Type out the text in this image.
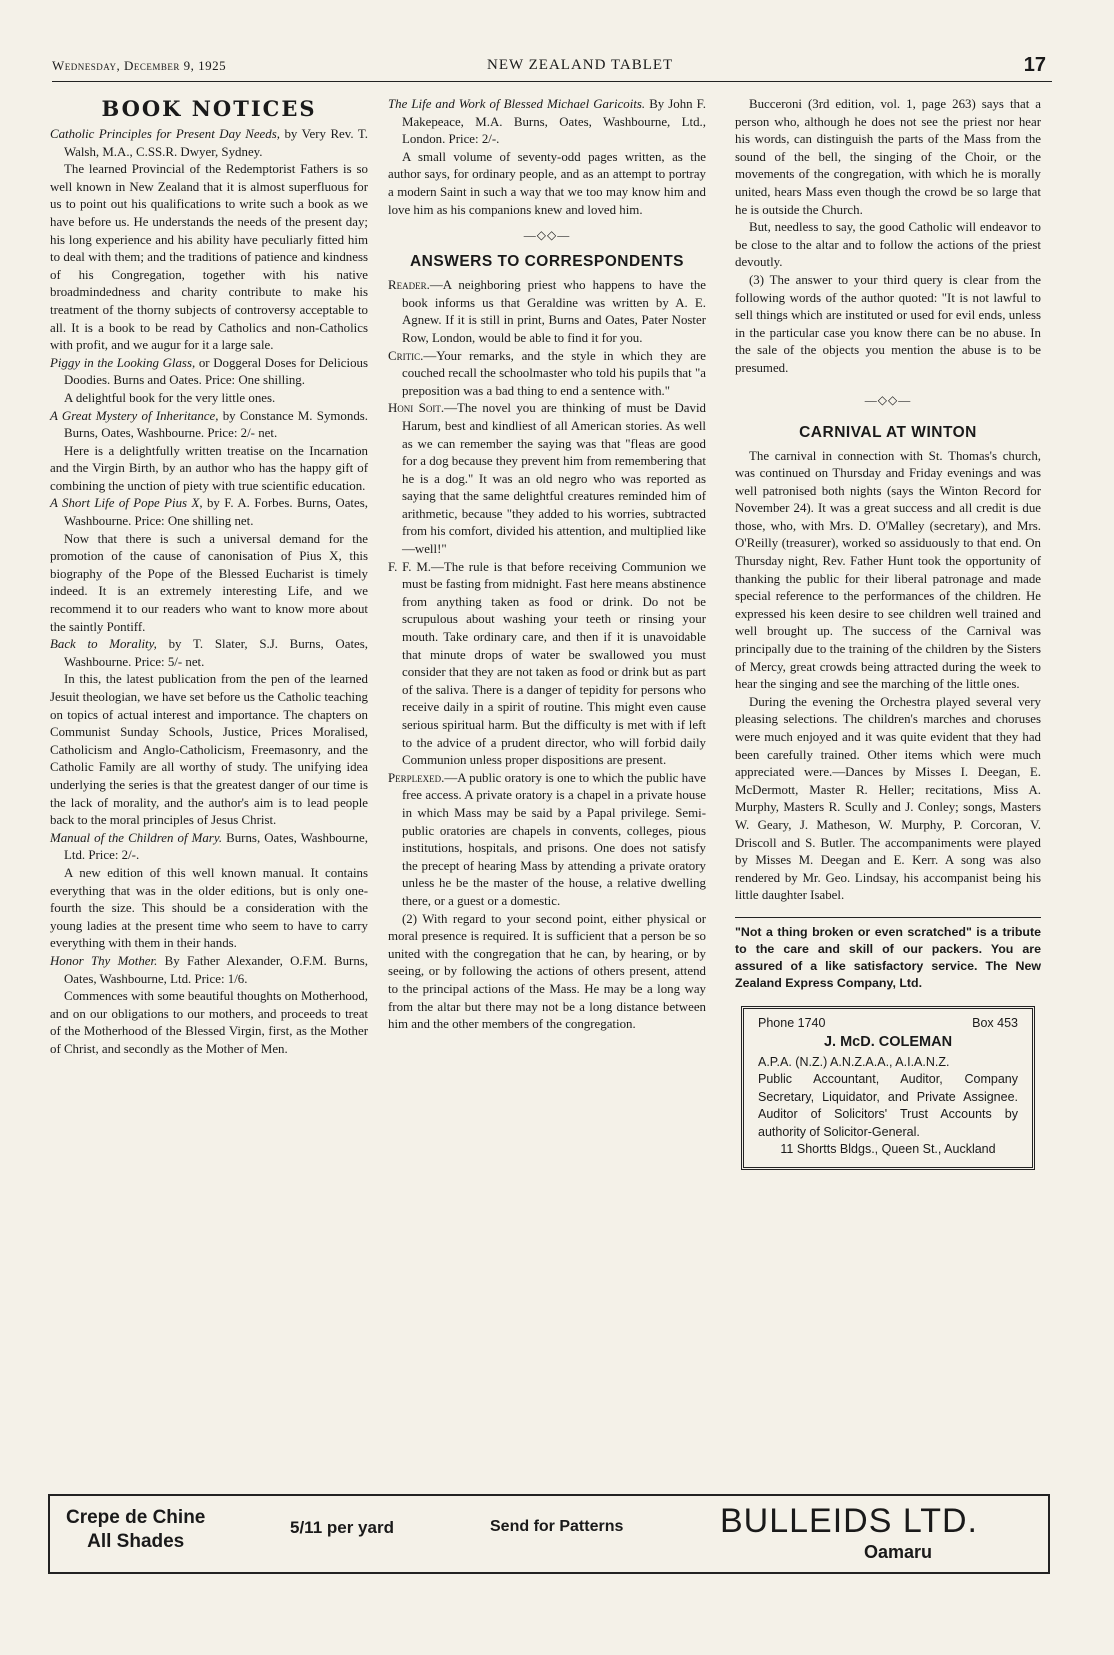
Wednesday, December 9, 1925	NEW ZEALAND TABLET	17
BOOK NOTICES

Catholic Principles for Present Day Needs, by Very Rev. T. Walsh, M.A., C.SS.R. Dwyer, Sydney.

The learned Provincial of the Redemptorist Fathers is so well known in New Zealand that it is almost superfluous for us to point out his qualifications to write such a book as we have before us. He understands the needs of the present day; his long experience and his ability have peculiarly fitted him to deal with them; and the traditions of patience and kindness of his Congregation, together with his native broadmindedness and charity contribute to make his treatment of the thorny subjects of controversy acceptable to all. It is a book to be read by Catholics and non-Catholics with profit, and we augur for it a large sale.

Piggy in the Looking Glass, or Doggeral Doses for Delicious Doodies. Burns and Oates. Price: One shilling.

A delightful book for the very little ones.

A Great Mystery of Inheritance, by Constance M. Symonds. Burns, Oates, Washbourne. Price: 2/- net.

Here is a delightfully written treatise on the Incarnation and the Virgin Birth, by an author who has the happy gift of combining the unction of piety with true scientific education.

A Short Life of Pope Pius X, by F. A. Forbes. Burns, Oates, Washbourne. Price: One shilling net.

Now that there is such a universal demand for the promotion of the cause of canonisation of Pius X, this biography of the Pope of the Blessed Eucharist is timely indeed. It is an extremely interesting Life, and we recommend it to our readers who want to know more about the saintly Pontiff.

Back to Morality, by T. Slater, S.J. Burns, Oates, Washbourne. Price: 5/- net.

In this, the latest publication from the pen of the learned Jesuit theologian, we have set before us the Catholic teaching on topics of actual interest and importance. The chapters on Communist Sunday Schools, Justice, Prices Moralised, Catholicism and Anglo-Catholicism, Freemasonry, and the Catholic Family are all worthy of study. The unifying idea underlying the series is that the greatest danger of our time is the lack of morality, and the author's aim is to lead people back to the moral principles of Jesus Christ.

Manual of the Children of Mary. Burns, Oates, Washbourne, Ltd. Price: 2/-.

A new edition of this well known manual. It contains everything that was in the older editions, but is only one-fourth the size. This should be a consideration with the young ladies at the present time who seem to have to carry everything with them in their hands.

Honor Thy Mother. By Father Alexander, O.F.M. Burns, Oates, Washbourne, Ltd. Price: 1/6.

Commences with some beautiful thoughts on Motherhood, and on our obligations to our mothers, and proceeds to treat of the Motherhood of the Blessed Virgin, first, as the Mother of Christ, and secondly as the Mother of Men.

The Life and Work of Blessed Michael Garicoits. By John F. Makepeace, M.A. Burns, Oates, Washbourne, Ltd., London. Price: 2/-.

A small volume of seventy-odd pages written, as the author says, for ordinary people, and as an attempt to portray a modern Saint in such a way that we too may know him and love him as his companions knew and loved him.

—◇◇—
ANSWERS TO CORRESPONDENTS

Reader.—A neighboring priest who happens to have the book informs us that Geraldine was written by A. E. Agnew. If it is still in print, Burns and Oates, Pater Noster Row, London, would be able to find it for you.

Critic.—Your remarks, and the style in which they are couched recall the schoolmaster who told his pupils that "a preposition was a bad thing to end a sentence with."

Honi Soit.—The novel you are thinking of must be David Harum, best and kindliest of all American stories. As well as we can remember the saying was that "fleas are good for a dog because they prevent him from remembering that he is a dog." It was an old negro who was reported as saying that the same delightful creatures reminded him of arithmetic, because "they added to his worries, subtracted from his comfort, divided his attention, and multiplied like—well!"

F. F. M.—The rule is that before receiving Communion we must be fasting from midnight. Fast here means abstinence from anything taken as food or drink. Do not be scrupulous about washing your teeth or rinsing your mouth. Take ordinary care, and then if it is unavoidable that minute drops of water be swallowed you must consider that they are not taken as food or drink but as part of the saliva. There is a danger of tepidity for persons who receive daily in a spirit of routine. This might even cause serious spiritual harm. But the difficulty is met with if left to the advice of a prudent director, who will forbid daily Communion unless proper dispositions are present.

Perplexed.—A public oratory is one to which the public have free access. A private oratory is a chapel in a private house in which Mass may be said by a Papal privilege. Semi-public oratories are chapels in convents, colleges, pious institutions, hospitals, and prisons. One does not satisfy the precept of hearing Mass by attending a private oratory unless he be the master of the house, a relative dwelling there, or a guest or a domestic.

(2) With regard to your second point, either physical or moral presence is required. It is sufficient that a person be so united with the congregation that he can, by hearing, or by seeing, or by following the actions of others present, attend to the principal actions of the Mass. He may be a long way from the altar but there may not be a long distance between him and the other members of the congregation.

Bucceroni (3rd edition, vol. 1, page 263) says that a person who, although he does not see the priest nor hear his words, can distinguish the parts of the Mass from the sound of the bell, the singing of the Choir, or the movements of the congregation, with which he is morally united, hears Mass even though the crowd be so large that he is outside the Church.

But, needless to say, the good Catholic will endeavor to be close to the altar and to follow the actions of the priest devoutly.

(3) The answer to your third query is clear from the following words of the author quoted: "It is not lawful to sell things which are instituted or used for evil ends, unless in the particular case you know there can be no abuse. In the sale of the objects you mention the abuse is to be presumed.

—◇◇—
CARNIVAL AT WINTON

The carnival in connection with St. Thomas's church, was continued on Thursday and Friday evenings and was well patronised both nights (says the Winton Record for November 24). It was a great success and all credit is due those, who, with Mrs. D. O'Malley (secretary), and Mrs. O'Reilly (treasurer), worked so assiduously to that end. On Thursday night, Rev. Father Hunt took the opportunity of thanking the public for their liberal patronage and made special reference to the performances of the children. He expressed his keen desire to see children well trained and well brought up. The success of the Carnival was principally due to the training of the children by the Sisters of Mercy, great crowds being attracted during the week to hear the singing and see the marching of the little ones.

During the evening the Orchestra played several very pleasing selections. The children's marches and choruses were much enjoyed and it was quite evident that they had been carefully trained. Other items which were much appreciated were.—Dances by Misses I. Deegan, E. McDermott, Master R. Heller; recitations, Miss A. Murphy, Masters R. Scully and J. Conley; songs, Masters W. Geary, J. Matheson, W. Murphy, P. Corcoran, V. Driscoll and S. Butler. The accompaniments were played by Misses M. Deegan and E. Kerr. A song was also rendered by Mr. Geo. Lindsay, his accompanist being his little daughter Isabel.

"Not a thing broken or even scratched" is a tribute to the care and skill of our packers. You are assured of a like satisfactory service. The New Zealand Express Company, Ltd.
Phone 1740	Box 453
J. McD. COLEMAN
A.P.A. (N.Z.) A.N.Z.A.A., A.I.A.N.Z.
Public Accountant, Auditor, Company Secretary, Liquidator, and Private Assignee. Auditor of Solicitors' Trust Accounts by authority of Solicitor-General.
11 Shortts Bldgs., Queen St., Auckland
Crepe de Chine
All Shades
5/11 per yard	Send for Patterns	BULLEIDS LTD.
Oamaru
